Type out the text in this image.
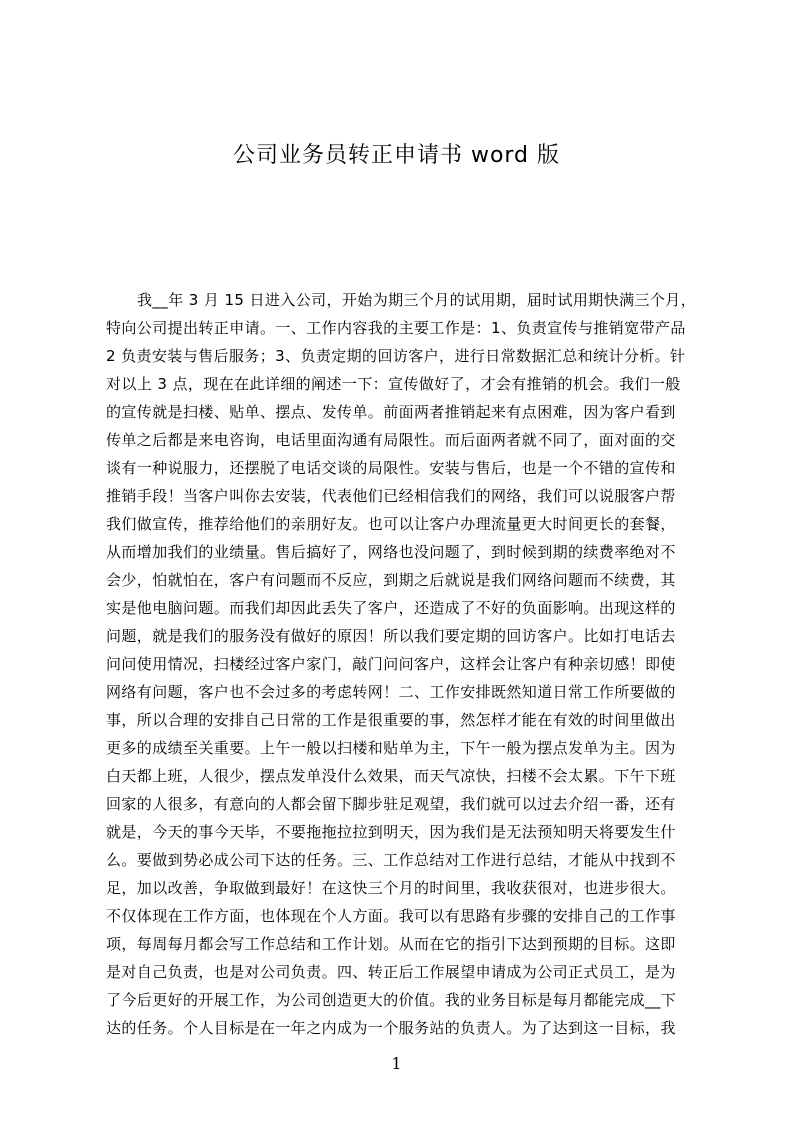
公司业务员转正申请书 word 版
我__年 3 月 15 日进入公司，开始为期三个月的试用期，届时试用期快满三个月，
特向公司提出转正申请。一、工作内容我的主要工作是：1、负责宣传与推销宽带产品
2 负责安装与售后服务；3、负责定期的回访客户，进行日常数据汇总和统计分析。针
对以上 3 点，现在在此详细的阐述一下：宣传做好了，才会有推销的机会。我们一般
的宣传就是扫楼、贴单、摆点、发传单。前面两者推销起来有点困难，因为客户看到
传单之后都是来电咨询，电话里面沟通有局限性。而后面两者就不同了，面对面的交
谈有一种说服力，还摆脱了电话交谈的局限性。安装与售后，也是一个不错的宣传和
推销手段！当客户叫你去安装，代表他们已经相信我们的网络，我们可以说服客户帮
我们做宣传，推荐给他们的亲朋好友。也可以让客户办理流量更大时间更长的套餐，
从而增加我们的业绩量。售后搞好了，网络也没问题了，到时候到期的续费率绝对不
会少，怕就怕在，客户有问题而不反应，到期之后就说是我们网络问题而不续费，其
实是他电脑问题。而我们却因此丢失了客户，还造成了不好的负面影响。出现这样的
问题，就是我们的服务没有做好的原因！所以我们要定期的回访客户。比如打电话去
问问使用情况，扫楼经过客户家门，敲门问问客户，这样会让客户有种亲切感！即使
网络有问题，客户也不会过多的考虑转网！二、工作安排既然知道日常工作所要做的
事，所以合理的安排自己日常的工作是很重要的事，然怎样才能在有效的时间里做出
更多的成绩至关重要。上午一般以扫楼和贴单为主，下午一般为摆点发单为主。因为
白天都上班，人很少，摆点发单没什么效果，而天气凉快，扫楼不会太累。下午下班
回家的人很多，有意向的人都会留下脚步驻足观望，我们就可以过去介绍一番，还有
就是，今天的事今天毕，不要拖拖拉拉到明天，因为我们是无法预知明天将要发生什
么。要做到势必成公司下达的任务。三、工作总结对工作进行总结，才能从中找到不
足，加以改善，争取做到最好！在这快三个月的时间里，我收获很对，也进步很大。
不仅体现在工作方面，也体现在个人方面。我可以有思路有步骤的安排自己的工作事
项，每周每月都会写工作总结和工作计划。从而在它的指引下达到预期的目标。这即
是对自己负责，也是对公司负责。四、转正后工作展望申请成为公司正式员工，是为
了今后更好的开展工作，为公司创造更大的价值。我的业务目标是每月都能完成__下
达的任务。个人目标是在一年之内成为一个服务站的负责人。为了达到这一目标，我
1
